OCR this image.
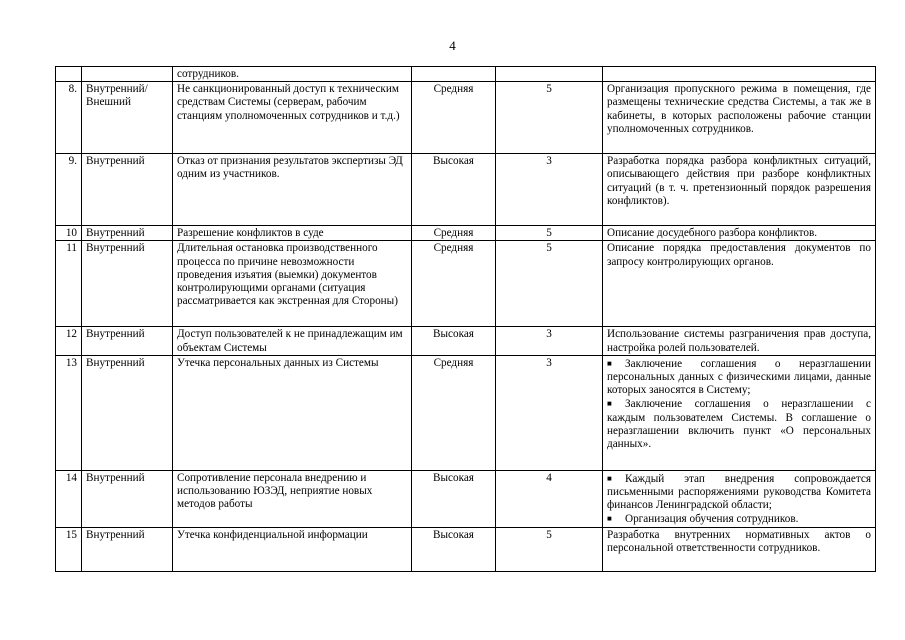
4
		сотрудников.			

8.	Внутренний/ Внешний	Не санкционированный доступ к техническим средствам Системы (серверам, рабочим станциям уполномоченных сотрудников и т.д.)	Средняя	5	Организация пропускного режима в помещения, где размещены технические средства Системы, а так же в кабинеты, в которых расположены рабочие станции уполномоченных сотрудников.

9.	Внутренний	Отказ от признания результатов экспертизы ЭД одним из участников.	Высокая	3	Разработка порядка разбора конфликтных ситуаций, описывающего действия при разборе конфликтных ситуаций (в т. ч. претензионный порядок разрешения конфликтов).

10	Внутренний	Разрешение конфликтов в суде	Средняя	5	Описание досудебного разбора конфликтов.

11	Внутренний	Длительная остановка производственного процесса по причине невозможности проведения изъятия (выемки) документов контролирующими органами (ситуация рассматривается как экстренная для Стороны)	Средняя	5	Описание порядка предоставления документов по запросу контролирующих органов.

12	Внутренний	Доступ пользователей к не принадлежащим им объектам Системы	Высокая	3	Использование системы разграничения прав доступа, настройка ролей пользователей.

13	Внутренний	Утечка персональных данных из Системы	Средняя	3	■ Заключение соглашения о неразглашении персональных данных с физическими лицами, данные которых заносятся в Систему;
■ Заключение соглашения о неразглашении с каждым пользователем Системы. В соглашение о неразглашении включить пункт «О персональных данных».

14	Внутренний	Сопротивление персонала внедрению и использованию ЮЗЭД, неприятие новых методов работы	Высокая	4	■ Каждый этап внедрения сопровождается письменными распоряжениями руководства Комитета финансов Ленинградской области;
■ Организация обучения сотрудников.

15	Внутренний	Утечка конфиденциальной информации	Высокая	5	Разработка внутренних нормативных актов о персональной ответственности сотрудников.
